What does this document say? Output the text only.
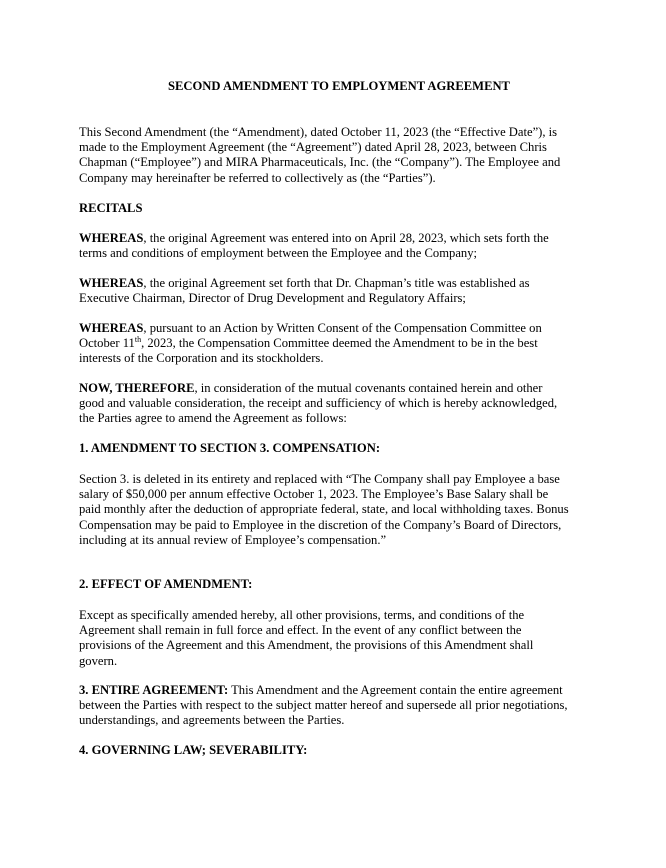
SECOND AMENDMENT TO EMPLOYMENT AGREEMENT

This Second Amendment (the “Amendment), dated October 11, 2023 (the “Effective Date”), is
made to the Employment Agreement (the “Agreement”) dated April 28, 2023, between Chris
Chapman (“Employee”) and MIRA Pharmaceuticals, Inc. (the “Company”). The Employee and
Company may hereinafter be referred to collectively as (the “Parties”).

RECITALS

WHEREAS, the original Agreement was entered into on April 28, 2023, which sets forth the
terms and conditions of employment between the Employee and the Company;

WHEREAS, the original Agreement set forth that Dr. Chapman’s title was established as
Executive Chairman, Director of Drug Development and Regulatory Affairs;

WHEREAS, pursuant to an Action by Written Consent of the Compensation Committee on
October 11th, 2023, the Compensation Committee deemed the Amendment to be in the best
interests of the Corporation and its stockholders.

NOW, THEREFORE, in consideration of the mutual covenants contained herein and other
good and valuable consideration, the receipt and sufficiency of which is hereby acknowledged,
the Parties agree to amend the Agreement as follows:

1. AMENDMENT TO SECTION 3. COMPENSATION:

Section 3. is deleted in its entirety and replaced with “The Company shall pay Employee a base
salary of $50,000 per annum effective October 1, 2023. The Employee’s Base Salary shall be
paid monthly after the deduction of appropriate federal, state, and local withholding taxes. Bonus
Compensation may be paid to Employee in the discretion of the Company’s Board of Directors,
including at its annual review of Employee’s compensation.”

2. EFFECT OF AMENDMENT:

Except as specifically amended hereby, all other provisions, terms, and conditions of the
Agreement shall remain in full force and effect. In the event of any conflict between the
provisions of the Agreement and this Amendment, the provisions of this Amendment shall
govern.

3. ENTIRE AGREEMENT: This Amendment and the Agreement contain the entire agreement
between the Parties with respect to the subject matter hereof and supersede all prior negotiations,
understandings, and agreements between the Parties.

4. GOVERNING LAW; SEVERABILITY:
